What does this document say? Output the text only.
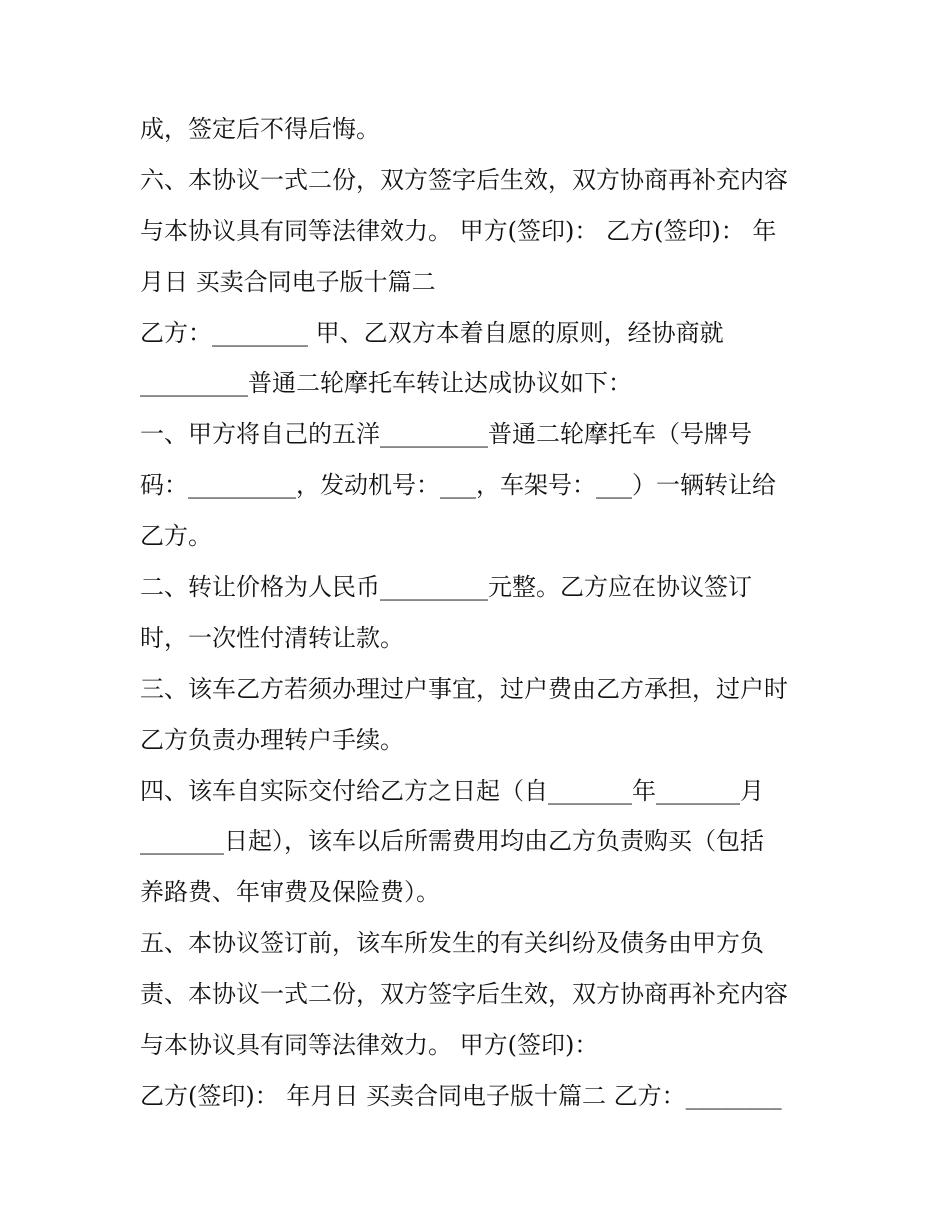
成，签定后不得后悔。

六、本协议一式二份，双方签字后生效，双方协商再补充内容

与本协议具有同等法律效力。 甲方(签印)： 乙方(签印)： 年

月日 买卖合同电子版十篇二

乙方：________ 甲、乙双方本着自愿的原则，经协商就

_________普通二轮摩托车转让达成协议如下：

一、甲方将自己的五洋_________普通二轮摩托车（号牌号

码：_________，发动机号：___，车架号：___）一辆转让给

乙方。

二、转让价格为人民币_________元整。乙方应在协议签订

时，一次性付清转让款。

三、该车乙方若须办理过户事宜，过户费由乙方承担，过户时

乙方负责办理转户手续。

四、该车自实际交付给乙方之日起（自_______年_______月

_______日起），该车以后所需费用均由乙方负责购买（包括

养路费、年审费及保险费）。

五、本协议签订前，该车所发生的有关纠纷及债务由甲方负

责、本协议一式二份，双方签字后生效，双方协商再补充内容

与本协议具有同等法律效力。 甲方(签印)：

乙方(签印)： 年月日 买卖合同电子版十篇二 乙方：________
